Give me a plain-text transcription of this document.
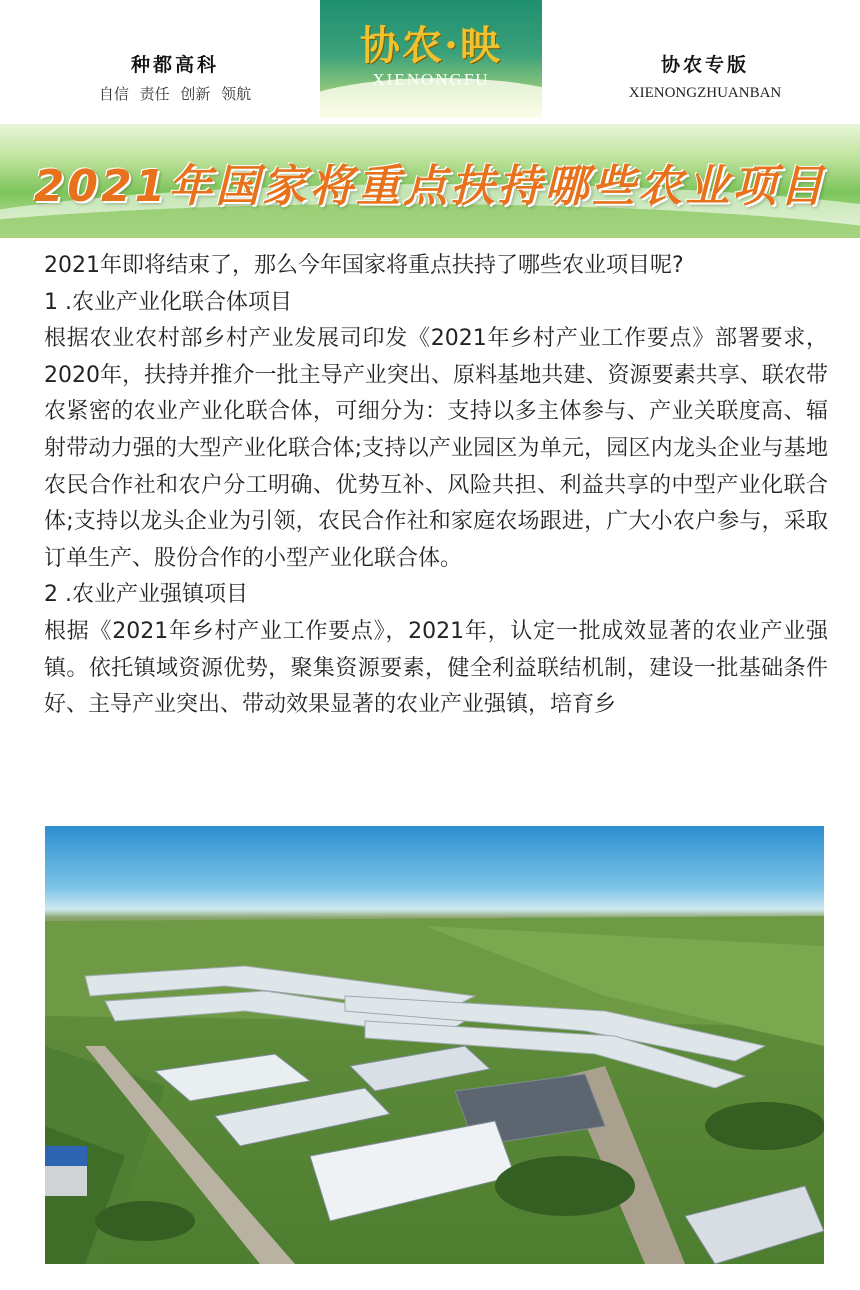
种都高科
自信 责任 创新 领航
协农·映
XIENONGFU
协农专版
XIENONGZHUANBAN
2021年国家将重点扶持哪些农业项目

2021年即将结束了，那么今年国家将重点扶持了哪些农业项目呢?

1 .农业产业化联合体项目

根据农业农村部乡村产业发展司印发《2021年乡村产业工作要点》部署要求，2020年，扶持并推介一批主导产业突出、原料基地共建、资源要素共享、联农带农紧密的农业产业化联合体，可细分为：支持以多主体参与、产业关联度高、辐射带动力强的大型产业化联合体;支持以产业园区为单元，园区内龙头企业与基地农民合作社和农户分工明确、优势互补、风险共担、利益共享的中型产业化联合体;支持以龙头企业为引领，农民合作社和家庭农场跟进，广大小农户参与，采取订单生产、股份合作的小型产业化联合体。

2 .农业产业强镇项目

根据《2021年乡村产业工作要点》，2021年，认定一批成效显著的农业产业强镇。依托镇域资源优势，聚集资源要素，健全利益联结机制，建设一批基础条件好、主导产业突出、带动效果显著的农业产业强镇，培育乡
